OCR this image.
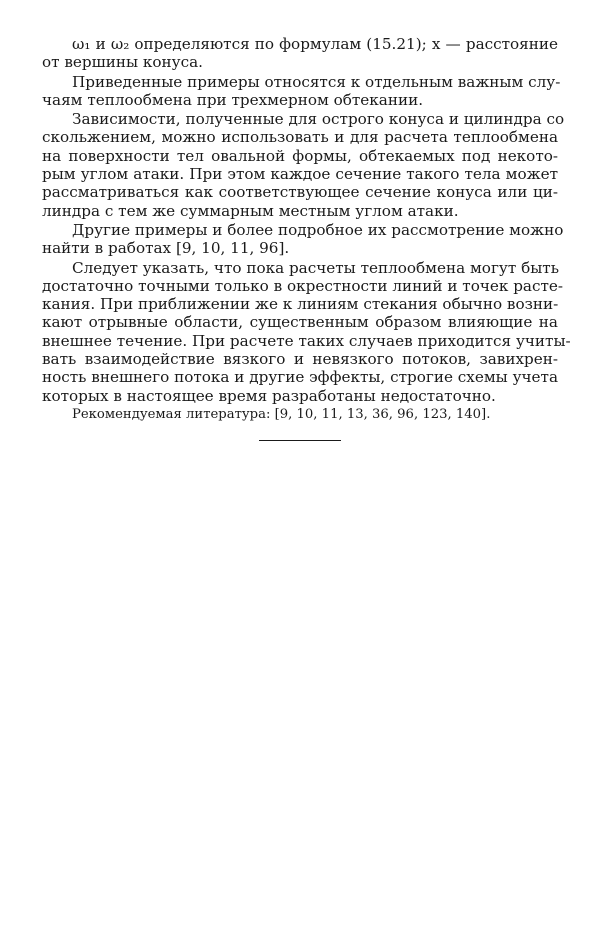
ω₁ и ω₂ определяются по формулам (15.21); x — расстояние
от вершины конуса.
Приведенные примеры относятся к отдельным важным слу-
чаям теплообмена при трехмерном обтекании.
Зависимости, полученные для острого конуса и цилиндра со
скольжением, можно использовать и для расчета теплообмена
на поверхности тел овальной формы, обтекаемых под некото-
рым углом атаки. При этом каждое сечение такого тела может
рассматриваться как соответствующее сечение конуса или ци-
линдра с тем же суммарным местным углом атаки.
Другие примеры и более подробное их рассмотрение можно
найти в работах [9, 10, 11, 96].
Следует указать, что пока расчеты теплообмена могут быть
достаточно точными только в окрестности линий и точек расте-
кания. При приближении же к линиям стекания обычно возни-
кают отрывные области, существенным образом влияющие на
внешнее течение. При расчете таких случаев приходится учиты-
вать взаимодействие вязкого и невязкого потоков, завихрен-
ность внешнего потока и другие эффекты, строгие схемы учета
которых в настоящее время разработаны недостаточно.
Рекомендуемая литература: [9, 10, 11, 13, 36, 96, 123, 140].
